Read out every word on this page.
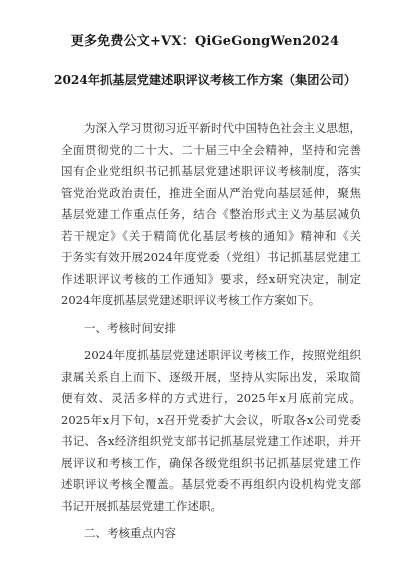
更多免费公文+VX：QiGeGongWen2024
2024年抓基层党建述职评议考核工作方案（集团公司）
为深入学习贯彻习近平新时代中国特色社会主义思想，
全面贯彻党的二十大、二十届三中全会精神，坚持和完善
国有企业党组织书记抓基层党建述职评议考核制度，落实
管党治党政治责任，推进全面从严治党向基层延伸，聚焦
基层党建工作重点任务，结合《整治形式主义为基层减负
若干规定》《关于精简优化基层考核的通知》精神和《关
于务实有效开展2024年度党委（党组）书记抓基层党建工
作述职评议考核的工作通知》要求，经x研究决定，制定
2024年度抓基层党建述职评议考核工作方案如下。
一、考核时间安排
2024年度抓基层党建述职评议考核工作，按照党组织
隶属关系自上而下、逐级开展，坚持从实际出发，采取简
便有效、灵活多样的方式进行，2025年x月底前完成。
2025年x月下旬，x召开党委扩大会议，听取各x公司党委
书记、各x经济组织党支部书记抓基层党建工作述职，并开
展评议和考核工作，确保各级党组织书记抓基层党建工作
述职评议考核全覆盖。基层党委不再组织内设机构党支部
书记开展抓基层党建工作述职。
二、考核重点内容
